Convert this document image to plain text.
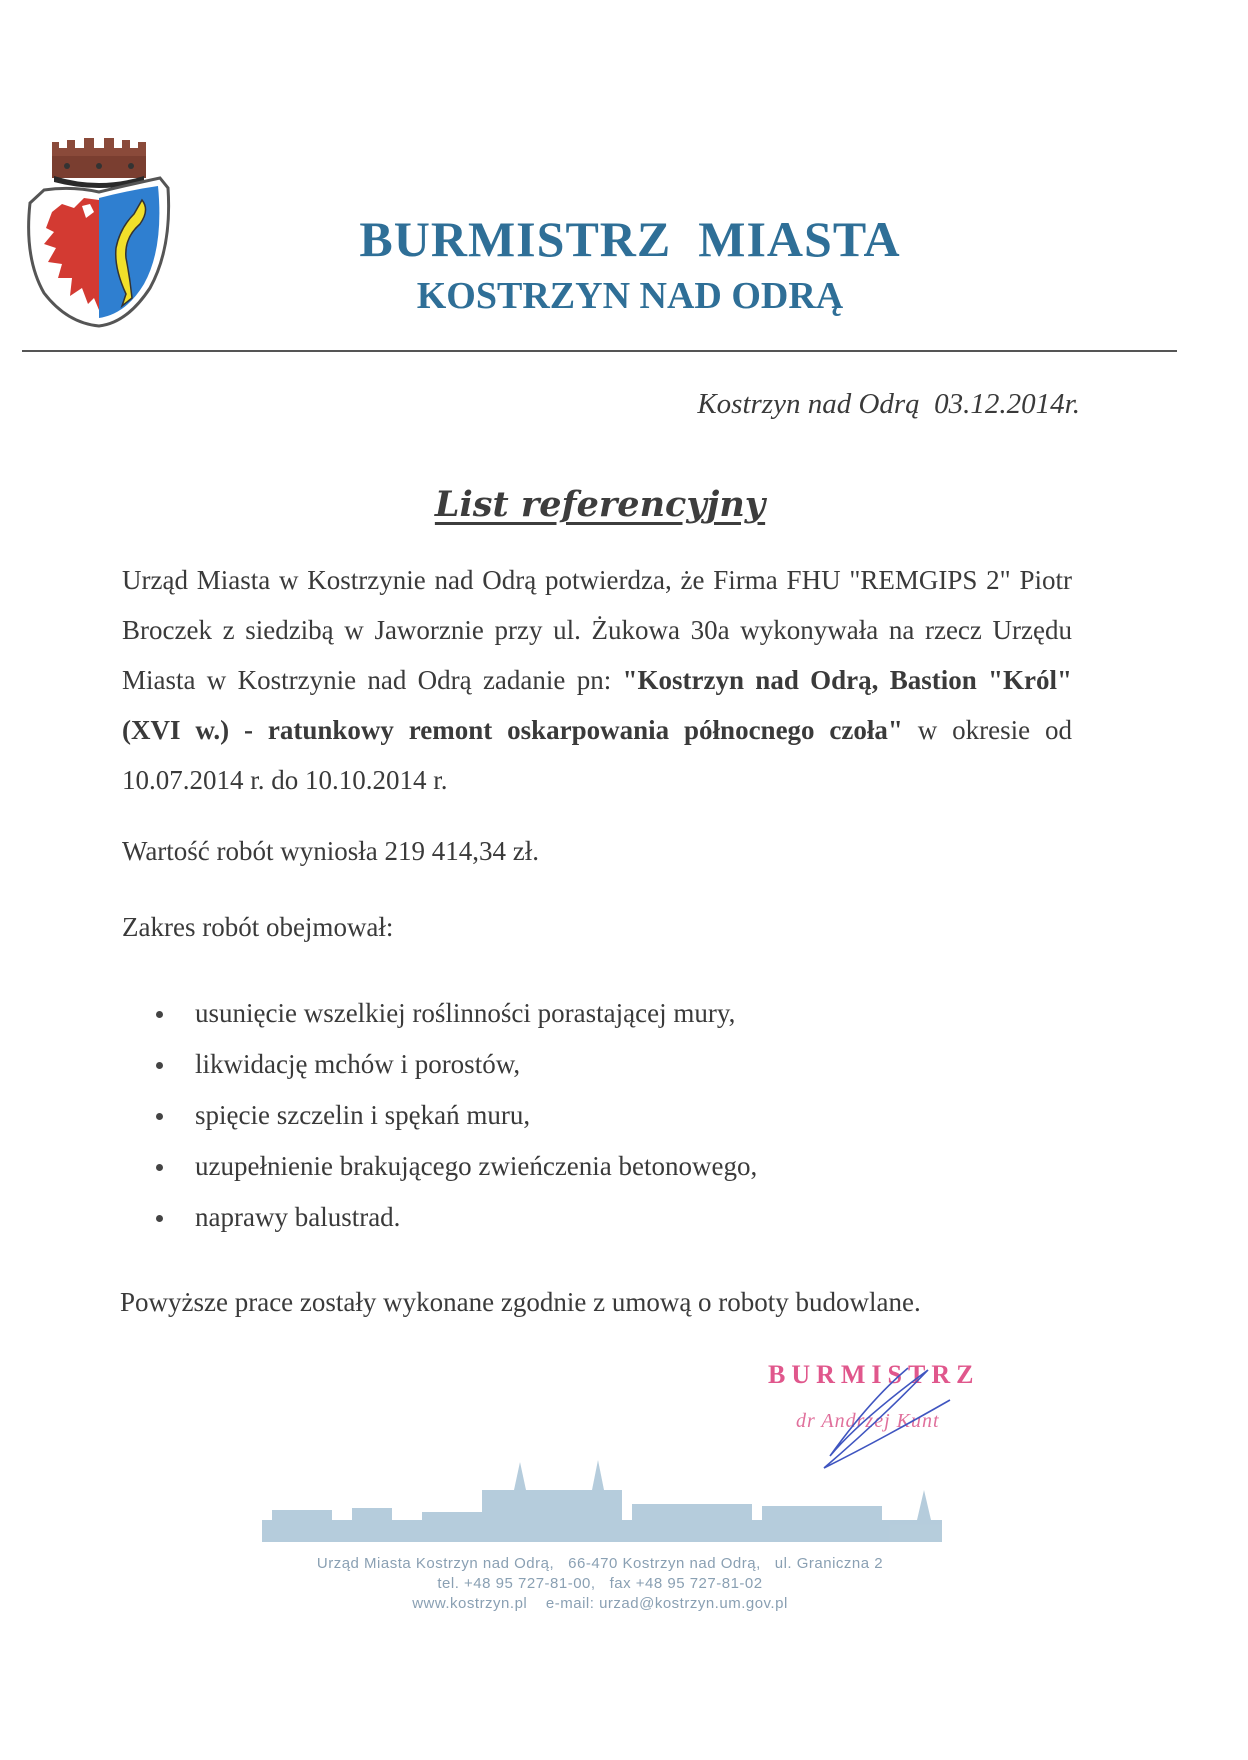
BURMISTRZ  MIASTA
KOSTRZYN NAD ODRĄ
Kostrzyn nad Odrą  03.12.2014r.
List referencyjny
Urząd Miasta w Kostrzynie nad Odrą potwierdza, że Firma FHU "REMGIPS 2" Piotr Broczek z siedzibą w Jaworznie przy ul. Żukowa 30a wykonywała na rzecz Urzędu Miasta w Kostrzynie nad Odrą zadanie pn: "Kostrzyn nad Odrą, Bastion "Król" (XVI w.) - ratunkowy remont oskarpowania północnego czoła" w okresie od 10.07.2014 r. do 10.10.2014 r.
Wartość robót wyniosła 219 414,34 zł.
Zakres robót obejmował:
usunięcie wszelkiej roślinności porastającej mury,
likwidację mchów i porostów,
spięcie szczelin i spękań muru,
uzupełnienie brakującego zwieńczenia betonowego,
naprawy balustrad.
Powyższe prace zostały wykonane zgodnie z umową o roboty budowlane.
BURMISTRZ
dr Andrzej Kunt
Urząd Miasta Kostrzyn nad Odrą,   66-470 Kostrzyn nad Odrą,   ul. Graniczna 2
tel. +48 95 727-81-00,   fax +48 95 727-81-02
www.kostrzyn.pl    e-mail: urzad@kostrzyn.um.gov.pl
